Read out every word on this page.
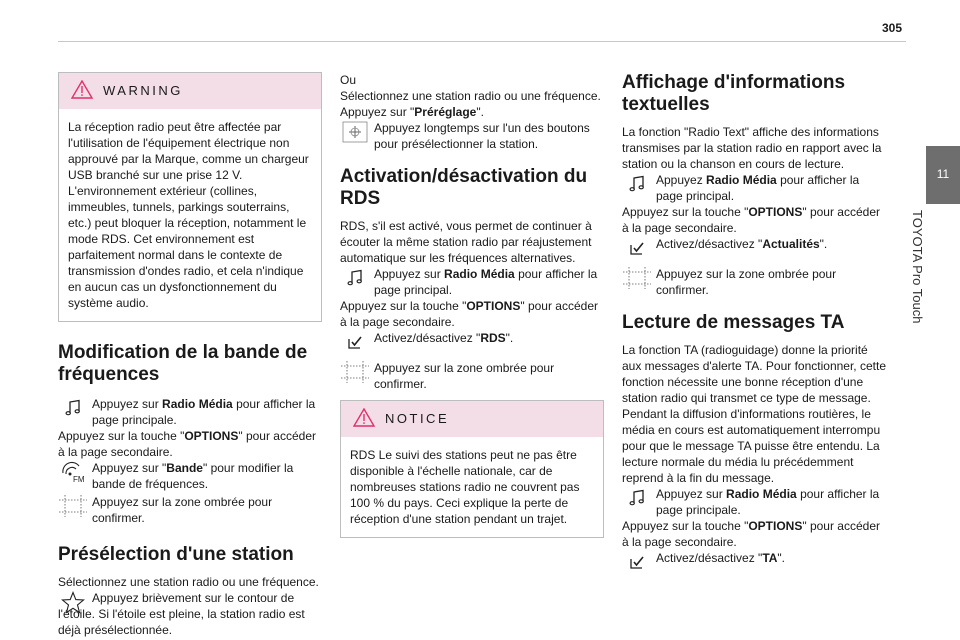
305
11
TOYOTA Pro Touch
WARNING

La réception radio peut être affectée par l'utilisation de l'équipement électrique non approuvé par la Marque, comme un chargeur USB branché sur une prise 12 V. L'environnement extérieur (collines, immeubles, tunnels, parkings souterrains, etc.) peut bloquer la réception, notamment le mode RDS. Cet environnement est parfaitement normal dans le contexte de transmission d'ondes radio, et cela n'indique en aucun cas un dysfonctionnement du système audio.

Modification de la bande de fréquences

Appuyez sur Radio Média pour afficher la page principale.

Appuyez sur la touche "OPTIONS" pour accéder à la page secondaire.

FM

Appuyez sur "Bande" pour modifier la bande de fréquences.

Appuyez sur la zone ombrée pour confirmer.

Présélection d'une station

Sélectionnez une station radio ou une fréquence.

Appuyez brièvement sur le contour de l'étoile. Si l'étoile est pleine, la station radio est déjà présélectionnée.

Ou

Sélectionnez une station radio ou une fréquence.

Appuyez sur "Préréglage".

Appuyez longtemps sur l'un des boutons pour présélectionner la station.

Activation/désactivation du RDS

RDS, s'il est activé, vous permet de continuer à écouter la même station radio par réajustement automatique sur les fréquences alternatives.

Appuyez sur Radio Média pour afficher la page principal.

Appuyez sur la touche "OPTIONS" pour accéder à la page secondaire.

Activez/désactivez "RDS".

Appuyez sur la zone ombrée pour confirmer.

NOTICE

RDS Le suivi des stations peut ne pas être disponible à l'échelle nationale, car de nombreuses stations radio ne couvrent pas 100 % du pays. Ceci explique la perte de réception d'une station pendant un trajet.

Affichage d'informations textuelles

La fonction "Radio Text" affiche des informations transmises par la station radio en rapport avec la station ou la chanson en cours de lecture.

Appuyez Radio Média pour afficher la page principal.

Appuyez sur la touche "OPTIONS" pour accéder à la page secondaire.

Activez/désactivez "Actualités".

Appuyez sur la zone ombrée pour confirmer.

Lecture de messages TA

La fonction TA (radioguidage) donne la priorité aux messages d'alerte TA. Pour fonctionner, cette fonction nécessite une bonne réception d'une station radio qui transmet ce type de message. Pendant la diffusion d'informations routières, le média en cours est automatiquement interrompu pour que le message TA puisse être entendu. La lecture normale du média lu précédemment reprend à la fin du message.

Appuyez sur Radio Média pour afficher la page principale.

Appuyez sur la touche "OPTIONS" pour accéder à la page secondaire.

Activez/désactivez "TA".
